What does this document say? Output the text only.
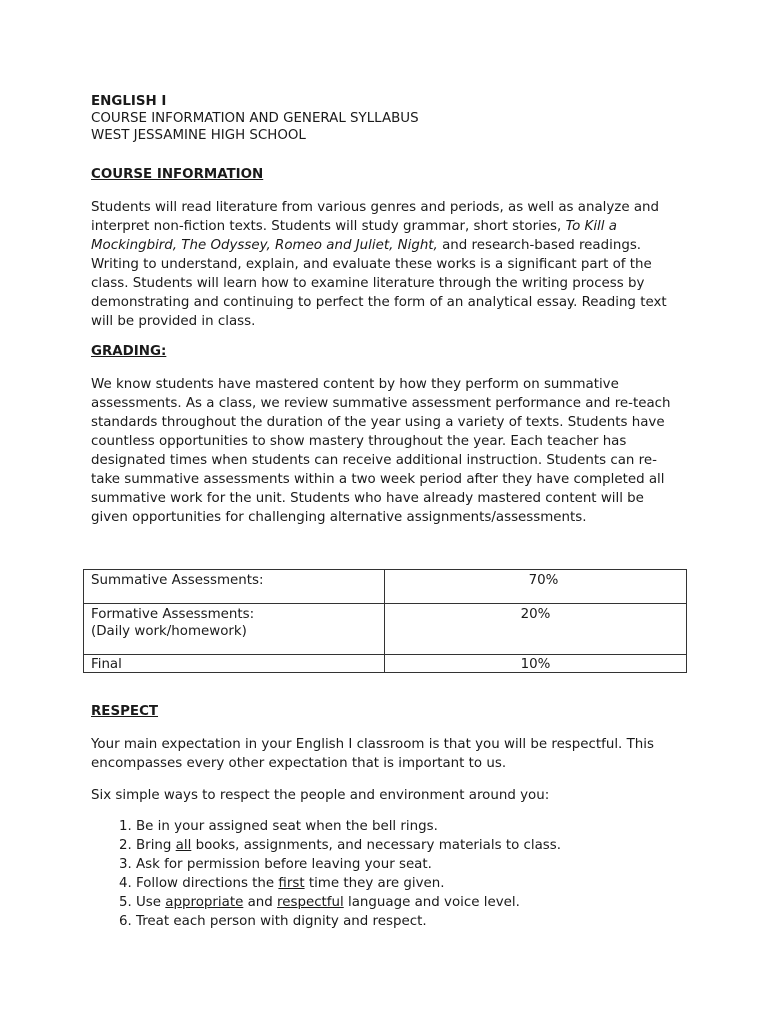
ENGLISH I

COURSE INFORMATION AND GENERAL SYLLABUS

WEST JESSAMINE HIGH SCHOOL

COURSE INFORMATION

Students will read literature from various genres and periods, as well as analyze and interpret non-fiction texts. Students will study grammar, short stories, To Kill a Mockingbird, The Odyssey, Romeo and Juliet, Night, and research-based readings. Writing to understand, explain, and evaluate these works is a significant part of the class. Students will learn how to examine literature through the writing process by demonstrating and continuing to perfect the form of an analytical essay. Reading text will be provided in class.

GRADING:

We know students have mastered content by how they perform on summative assessments. As a class, we review summative assessment performance and re-teach standards throughout the duration of the year using a variety of texts. Students have countless opportunities to show mastery throughout the year. Each teacher has designated times when students can receive additional instruction. Students can re-take summative assessments within a two week period after they have completed all summative work for the unit. Students who have already mastered content will be given opportunities for challenging alternative assignments/assessments.

Summative Assessments:	70%
Formative Assessments:
(Daily work/homework)	20%
Final	10%

RESPECT

Your main expectation in your English I classroom is that you will be respectful. This encompasses every other expectation that is important to us.

Six simple ways to respect the people and environment around you:

1. Be in your assigned seat when the bell rings.
2. Bring all books, assignments, and necessary materials to class.
3. Ask for permission before leaving your seat.
4. Follow directions the first time they are given.
5. Use appropriate and respectful language and voice level.
6. Treat each person with dignity and respect.
